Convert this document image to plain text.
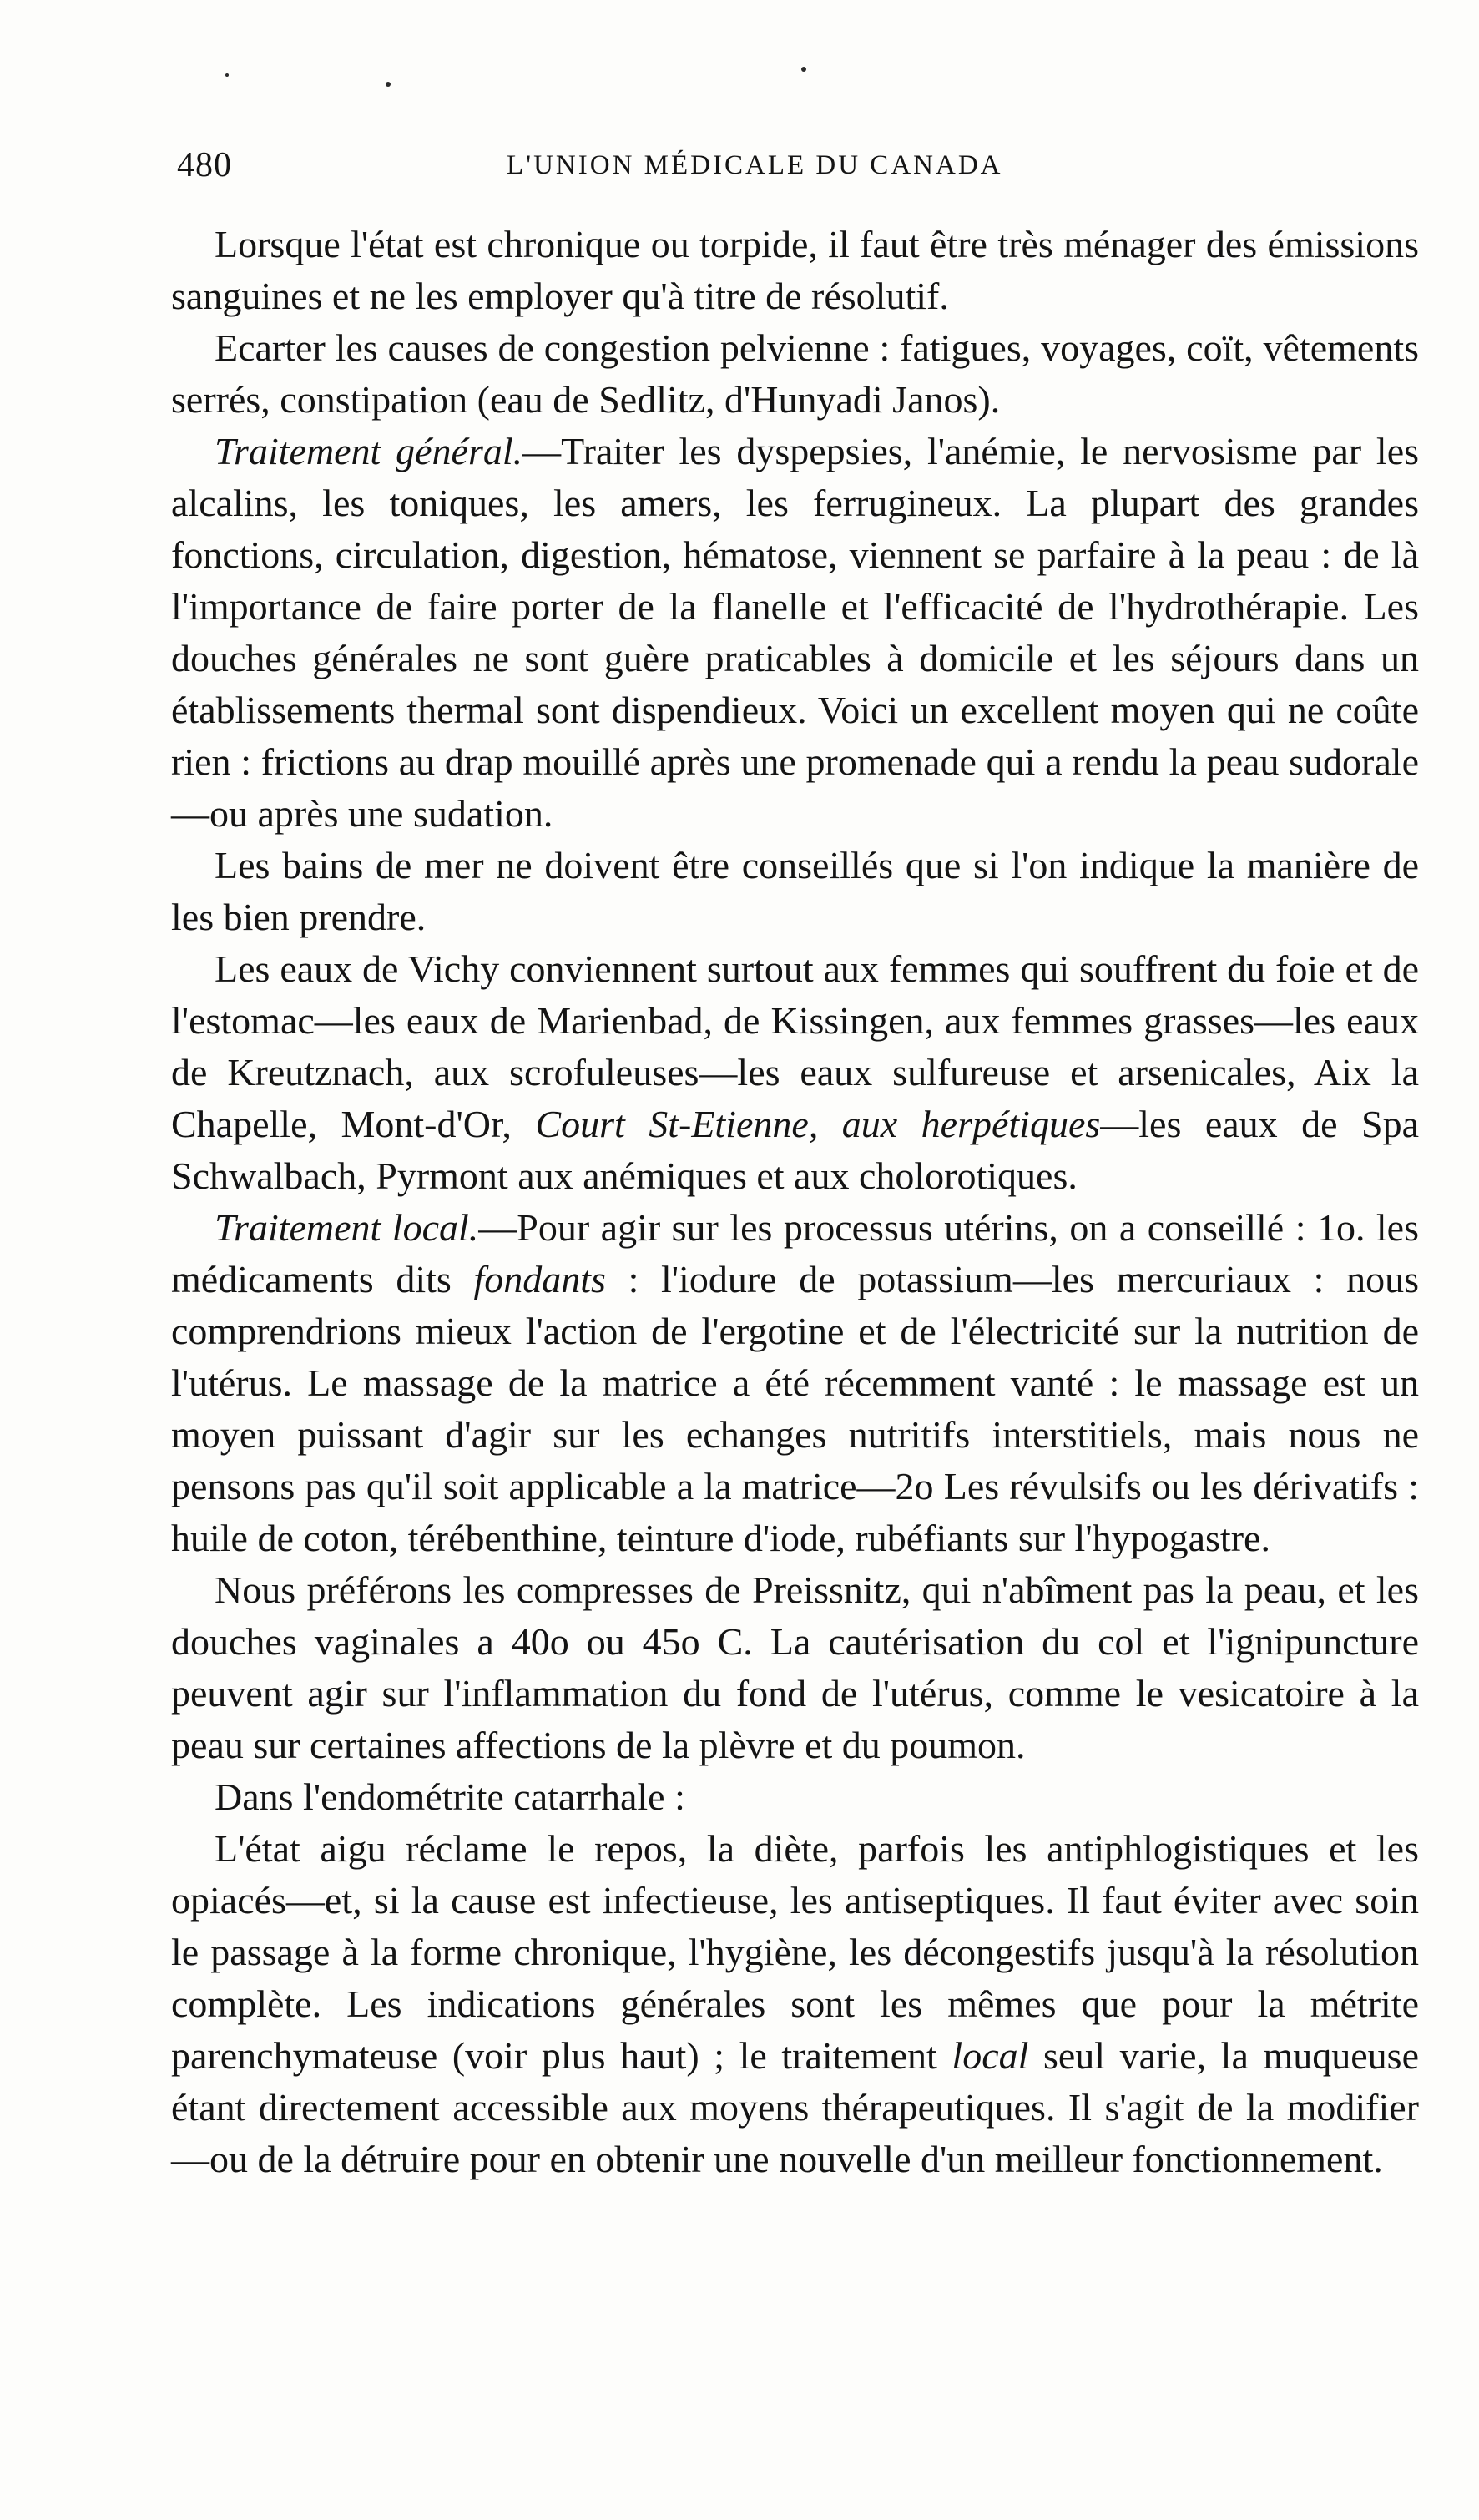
480	L'UNION MÉDICALE DU CANADA

Lorsque l'état est chronique ou torpide, il faut être très ménager des émissions sanguines et ne les employer qu'à titre de résolutif.

Ecarter les causes de congestion pelvienne : fatigues, voyages, coït, vêtements serrés, constipation (eau de Sedlitz, d'Hunyadi Janos).

Traitement général.—Traiter les dyspepsies, l'anémie, le nervosisme par les alcalins, les toniques, les amers, les ferrugineux. La plupart des grandes fonctions, circulation, digestion, hématose, viennent se parfaire à la peau : de là l'importance de faire porter de la flanelle et l'efficacité de l'hydrothérapie. Les douches générales ne sont guère praticables à domicile et les séjours dans un établissements thermal sont dispendieux. Voici un excellent moyen qui ne coûte rien : frictions au drap mouillé après une promenade qui a rendu la peau sudorale—ou après une sudation.

Les bains de mer ne doivent être conseillés que si l'on indique la manière de les bien prendre.

Les eaux de Vichy conviennent surtout aux femmes qui souffrent du foie et de l'estomac—les eaux de Marienbad, de Kissingen, aux femmes grasses—les eaux de Kreutznach, aux scrofuleuses—les eaux sulfureuse et arsenicales, Aix la Chapelle, Mont-d'Or, Court St-Etienne, aux herpétiques—les eaux de Spa Schwalbach, Pyrmont aux anémiques et aux cholorotiques.

Traitement local.—Pour agir sur les processus utérins, on a conseillé : 1o. les médicaments dits fondants : l'iodure de potassium—les mercuriaux : nous comprendrions mieux l'action de l'ergotine et de l'électricité sur la nutrition de l'utérus. Le massage de la matrice a été récemment vanté : le massage est un moyen puissant d'agir sur les echanges nutritifs interstitiels, mais nous ne pensons pas qu'il soit applicable a la matrice—2o Les révulsifs ou les dérivatifs : huile de coton, térébenthine, teinture d'iode, rubéfiants sur l'hypogastre.

Nous préférons les compresses de Preissnitz, qui n'abîment pas la peau, et les douches vaginales a 40o ou 45o C. La cautérisation du col et l'ignipuncture peuvent agir sur l'inflammation du fond de l'utérus, comme le vesicatoire à la peau sur certaines affections de la plèvre et du poumon.

Dans l'endométrite catarrhale :

L'état aigu réclame le repos, la diète, parfois les antiphlogistiques et les opiacés—et, si la cause est infectieuse, les antiseptiques. Il faut éviter avec soin le passage à la forme chronique, l'hygiène, les décongestifs jusqu'à la résolution complète. Les indications générales sont les mêmes que pour la métrite parenchymateuse (voir plus haut) ; le traitement local seul varie, la muqueuse étant directement accessible aux moyens thérapeutiques. Il s'agit de la modifier—ou de la détruire pour en obtenir une nouvelle d'un meilleur fonctionnement.
